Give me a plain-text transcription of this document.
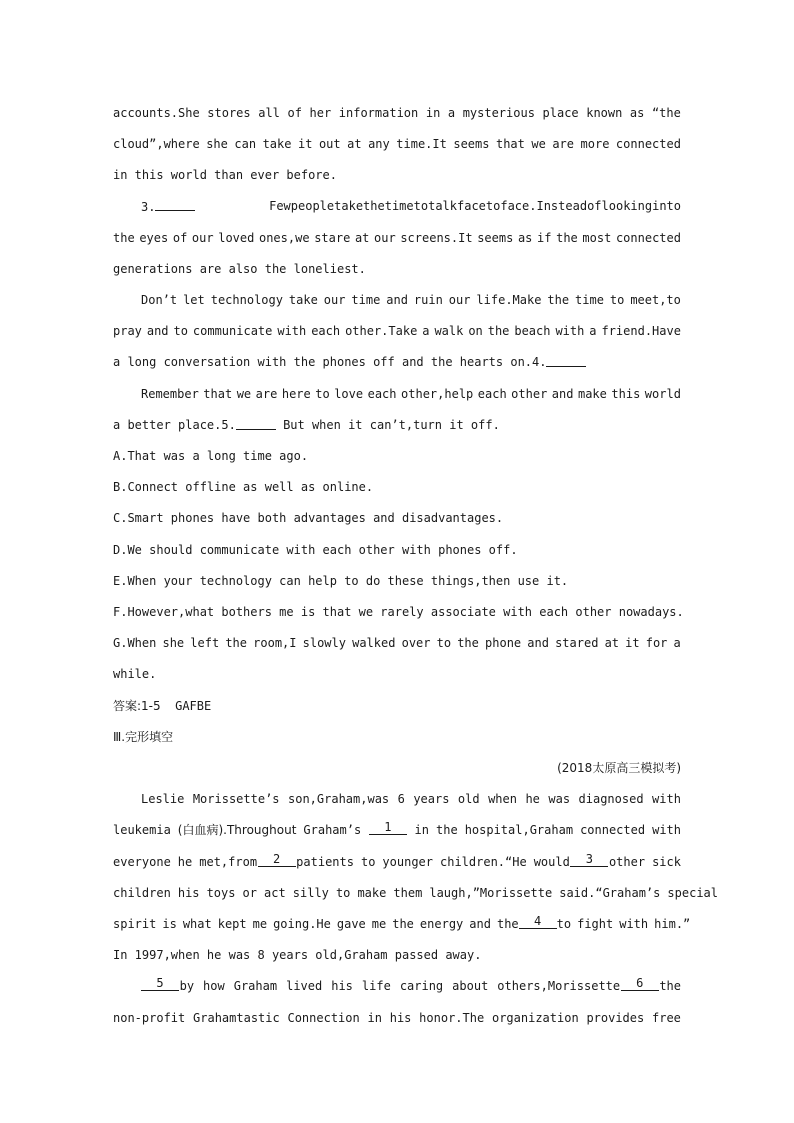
accounts.She stores all of her information in a mysterious place known as “the
cloud”,where she can take it out at any time.It seems that we are more connected
in this world than ever before.
3.	Fewpeopletakethetimetotalkfacetoface.Insteadoflookinginto
the eyes of our loved ones,we stare at our screens.It seems as if the most connected
generations are also the loneliest.
Don’t let technology take our time and ruin our life.Make the time to meet,to
pray and to communicate with each other.Take a walk on the beach with a friend.Have
a long conversation with the phones off and the hearts on.4.
Remember that we are here to love each other,help each other and make this world
a better place.5.
	But when it can’t,turn it off.
A.That was a long time ago.
B.Connect offline as well as online.
C.Smart phones have both advantages and disadvantages.
D.We should communicate with each other with phones off.
E.When your technology can help to do these things,then use it.
F.However,what bothers me is that we rarely associate with each other nowadays.
G.When she left the room,I slowly walked over to the phone and stared at it for a
while.
答案:1-5
GAFBE
Ⅲ.完形填空
(2018太原高三模拟考)
Leslie Morissette’s son,Graham,was 6 years old when he was diagnosed with
leukemia (白血病).Throughout Graham’s	1	in the hospital,Graham connected with
everyone he met,from	2	patients to younger children.“He would	3	other sick
children his toys or act silly to make them laugh,”Morissette said.“Graham’s special
spirit is what kept me going.He gave me the energy and the	4	to fight with him.”
In 1997,when he was 8 years old,Graham passed away.
5	by how Graham lived his life caring about others,Morissette	6	the
non-profit Grahamtastic Connection in his honor.The organization provides free
